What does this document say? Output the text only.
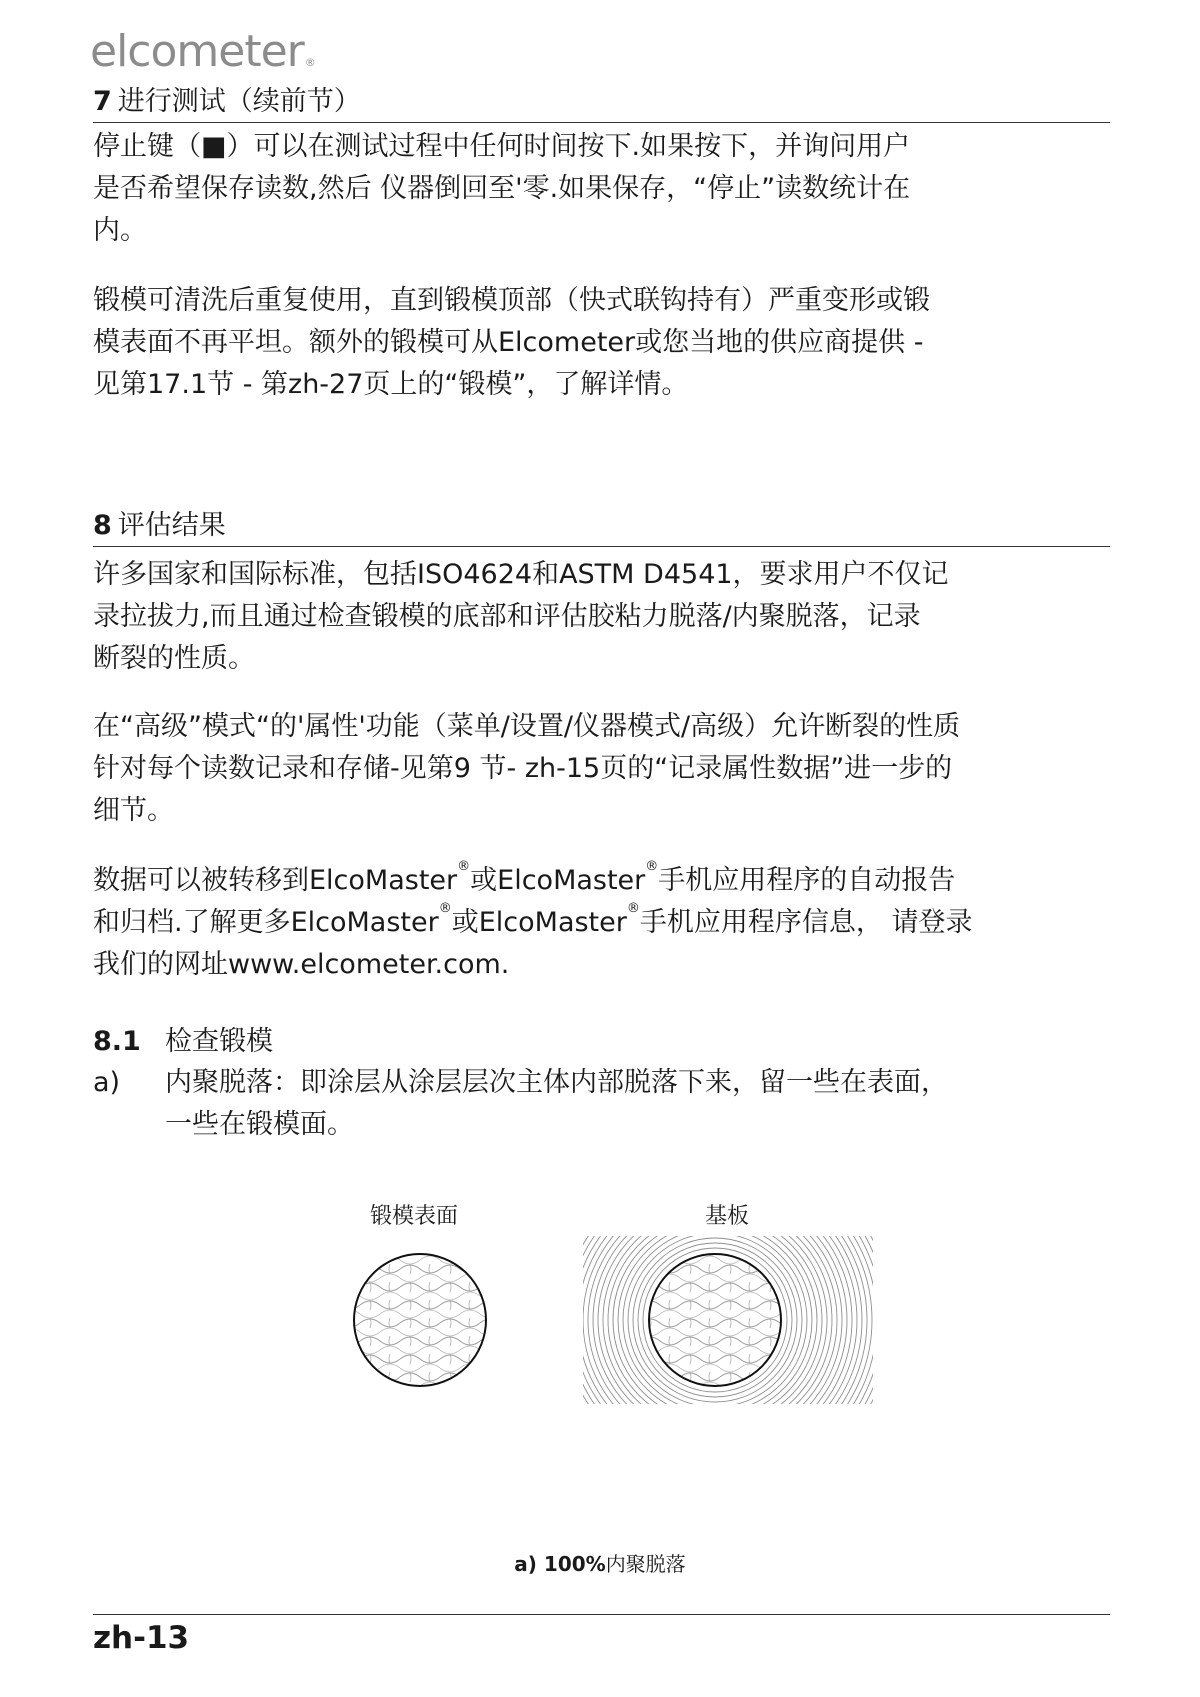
elcometer®
7 进行测试（续前节）
停止键（■）可以在测试过程中任何时间按下.如果按下，并询问用户
是否希望保存读数,然后 仪器倒回至'零.如果保存，“停止”读数统计在
内。
锻模可清洗后重复使用，直到锻模顶部（快式联钩持有）严重变形或锻
模表面不再平坦。额外的锻模可从Elcometer或您当地的供应商提供 -
见第17.1节 - 第zh-27页上的“锻模”，了解详情。
8 评估结果
许多国家和国际标准，包括ISO4624和ASTM D4541，要求用户不仅记
录拉拔力,而且通过检查锻模的底部和评估胶粘力脱落/内聚脱落，记录
断裂的性质。
在“高级”模式“的'属性'功能（菜单/设置/仪器模式/高级）允许断裂的性质
针对每个读数记录和存储-见第9 节- zh-15页的“记录属性数据”进一步的
细节。
数据可以被转移到ElcoMaster®或ElcoMaster®手机应用程序的自动报告
和归档.了解更多ElcoMaster®或ElcoMaster®手机应用程序信息， 请登录
我们的网址www.elcometer.com.
8.1 检查锻模
a) 内聚脱落：即涂层从涂层层次主体内部脱落下来，留一些在表面，
一些在锻模面。
锻模表面	基板
a) 100%内聚脱落
zh-13
